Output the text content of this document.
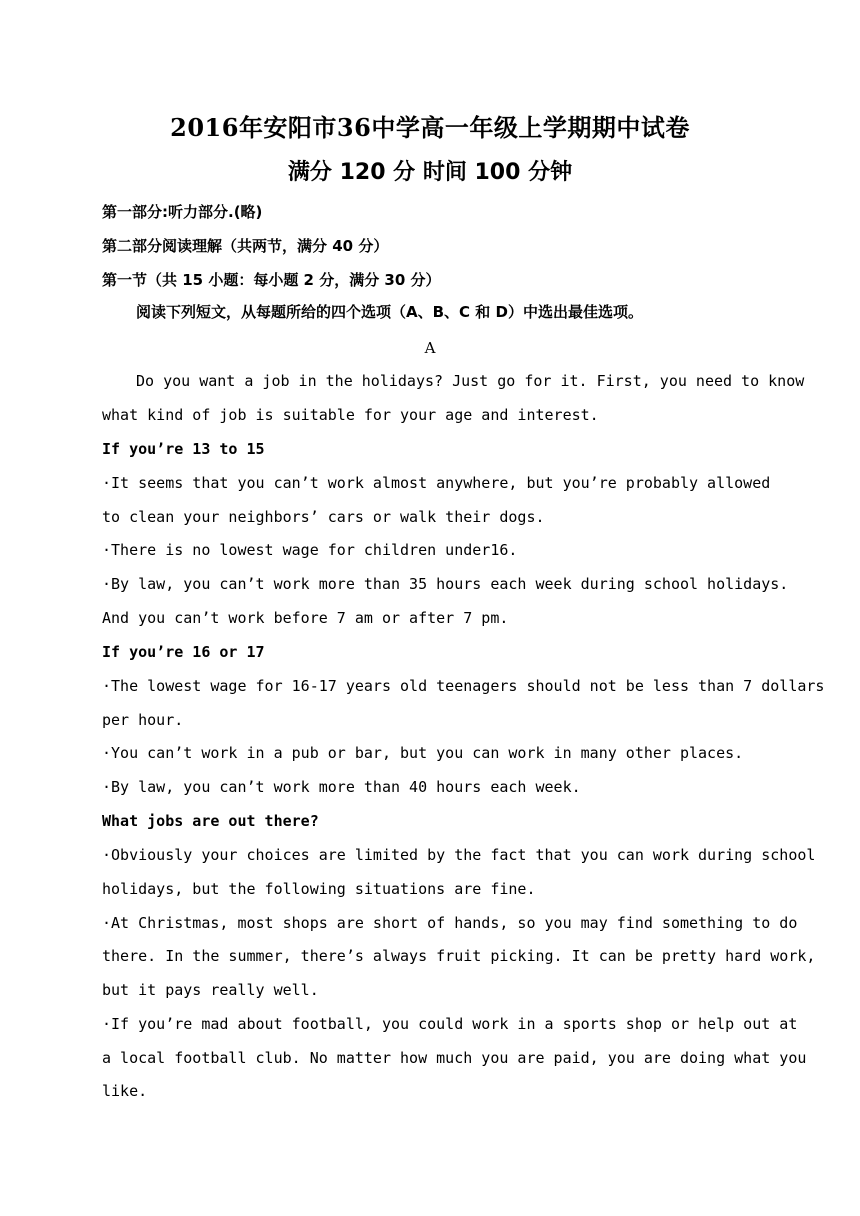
2016年安阳市36中学高一年级上学期期中试卷
满分 120 分 时间 100 分钟
第一部分:听力部分.(略)
第二部分阅读理解（共两节，满分 40 分）
第一节（共 15 小题：每小题 2 分，满分 30 分）
阅读下列短文，从每题所给的四个选项（A、B、C 和 D）中选出最佳选项。
A
Do you want a job in the holidays? Just go for it. First, you need to know
what kind of job is suitable for your age and interest.
If you’re 13 to 15
·It seems that you can’t work almost anywhere, but you’re probably allowed
to clean your neighbors’ cars or walk their dogs.
·There is no lowest wage for children under16.
·By law, you can’t work more than 35 hours each week during school holidays.
And you can’t work before 7 am or after 7 pm.
If you’re 16 or 17
·The lowest wage for 16-17 years old teenagers should not be less than 7 dollars
per hour.
·You can’t work in a pub or bar, but you can work in many other places.
·By law, you can’t work more than 40 hours each week.
What jobs are out there?
·Obviously your choices are limited by the fact that you can work during school
holidays, but the following situations are fine.
·At Christmas, most shops are short of hands, so you may find something to do
there. In the summer, there’s always fruit picking. It can be pretty hard work,
but it pays really well.
·If you’re mad about football, you could work in a sports shop or help out at
a local football club. No matter how much you are paid, you are doing what you
like.
